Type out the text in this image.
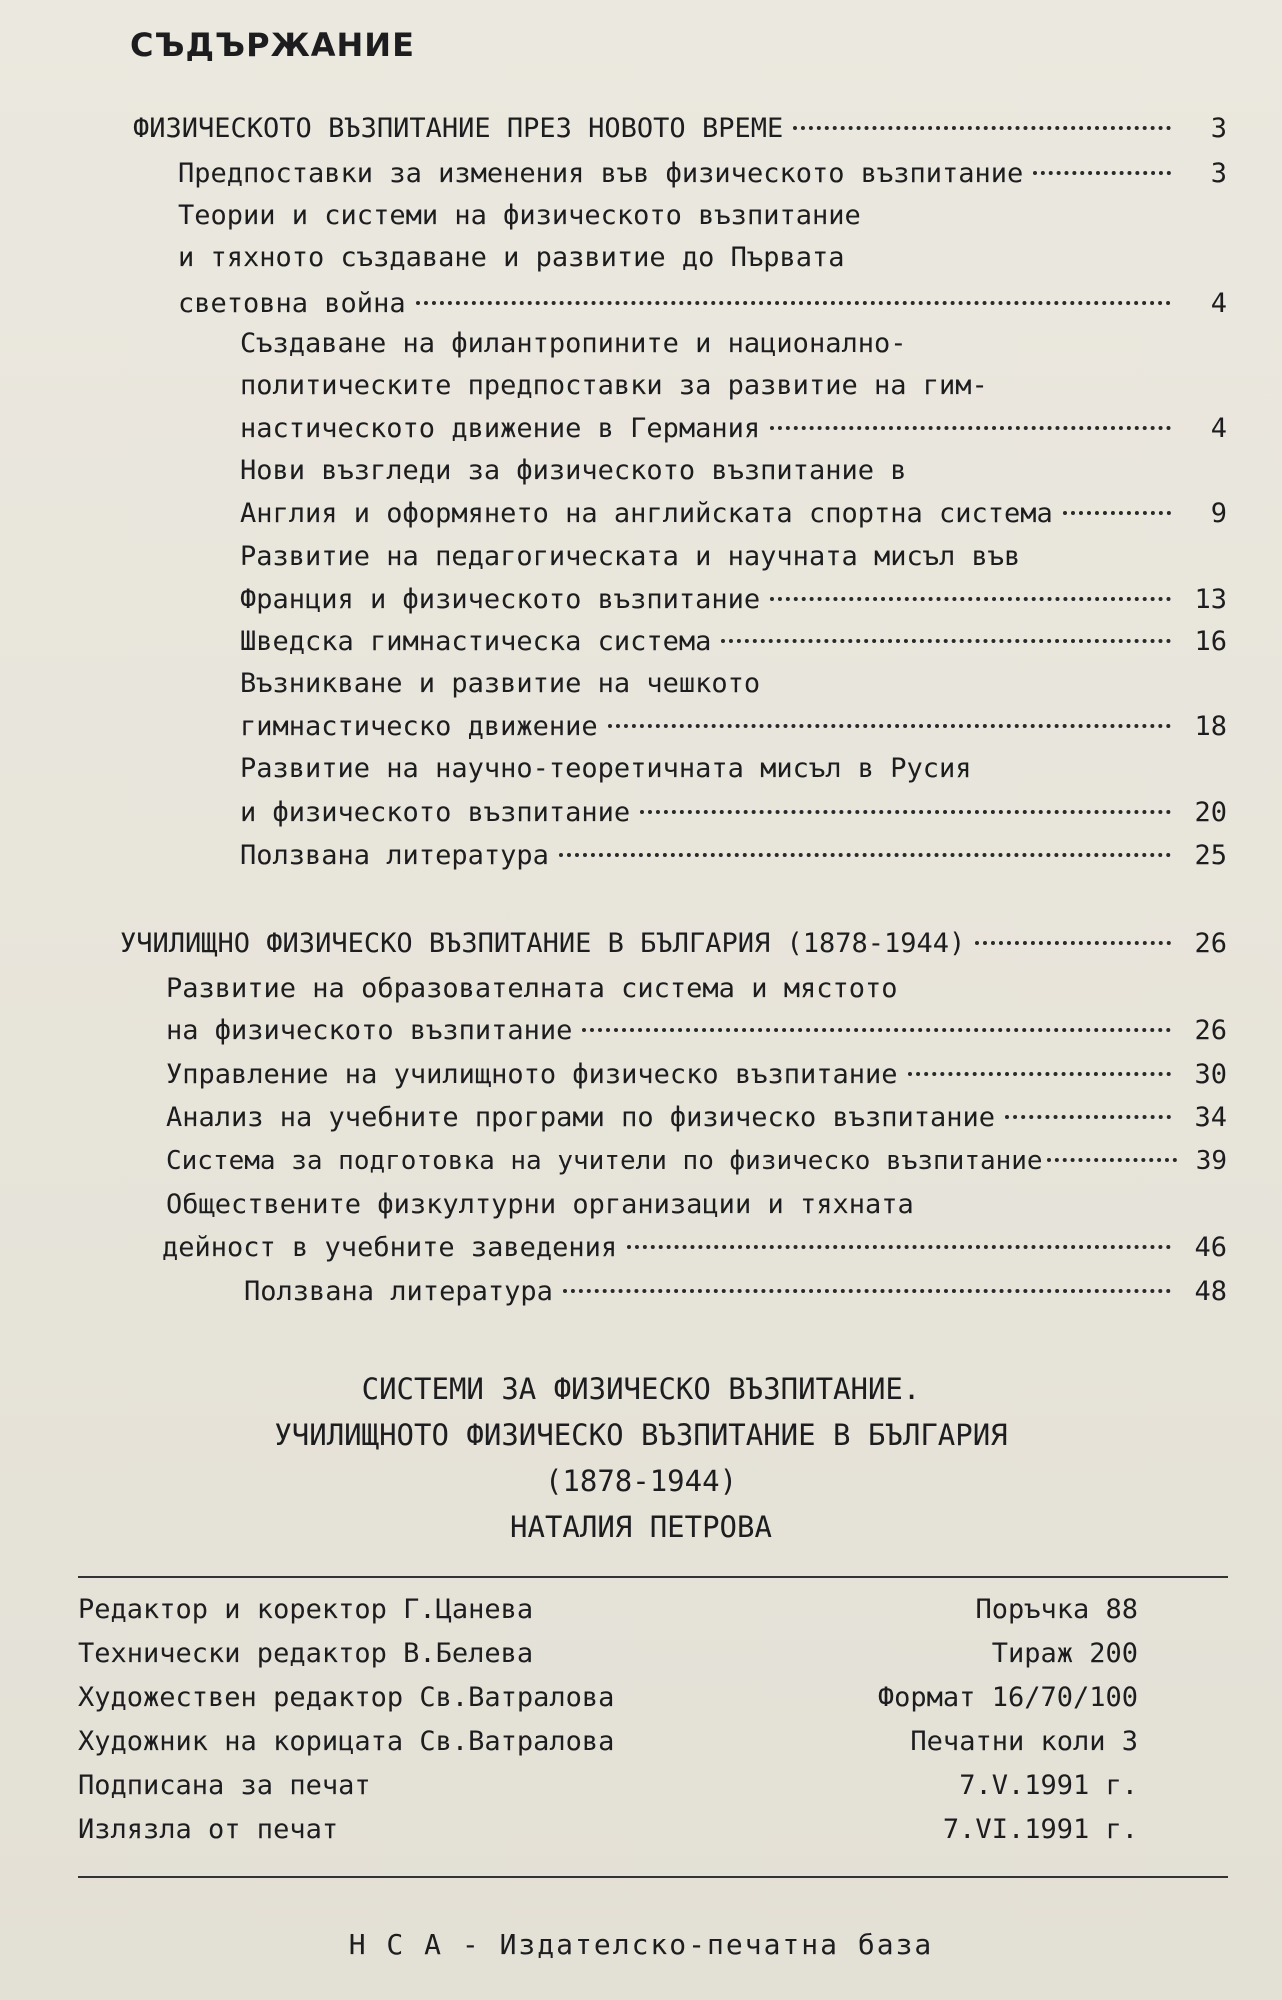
СЪДЪРЖАНИЕ
ФИЗИЧЕСКОТО ВЪЗПИТАНИЕ ПРЕЗ НОВОТО ВРЕМЕ	3
Предпоставки за изменения във физическото възпитание	3
Теории и системи на физическото възпитание
и тяхното създаване и развитие до Първата
световна война	4
Създаване на филантропините и национално-
политическите предпоставки за развитие на гим-
настическото движение в Германия	4
Нови възгледи за физическото възпитание в
Англия и оформянето на английската спортна система	9
Развитие на педагогическата и научната мисъл във
Франция и физическото възпитание	13
Шведска гимнастическа система	16
Възникване и развитие на чешкото
гимнастическо движение	18
Развитие на научно-теоретичната мисъл в Русия
и физическото възпитание	20
Ползвана литература	25
УЧИЛИЩНО ФИЗИЧЕСКО ВЪЗПИТАНИЕ В БЪЛГАРИЯ (1878-1944)	26
Развитие на образователната система и мястото
на физическото възпитание	26
Управление на училищното физическо възпитание	30
Анализ на учебните програми по физическо възпитание	34
Система за подготовка на учители по физическо възпитание	39
Обществените физкултурни организации и тяхната
дейност в учебните заведения	46
Ползвана литература	48
СИСТЕМИ ЗА ФИЗИЧЕСКО ВЪЗПИТАНИЕ.
УЧИЛИЩНОТО ФИЗИЧЕСКО ВЪЗПИТАНИЕ В БЪЛГАРИЯ
(1878-1944)
НАТАЛИЯ ПЕТРОВА
Редактор и коректор Г.Цанева	Поръчка 88
Технически редактор В.Белева	Тираж 200
Художествен редактор Св.Ватралова	Формат 16/70/100
Художник на корицата Св.Ватралова	Печатни коли 3
Подписана за печат	7.V.1991 г.
Излязла от печат	7.VI.1991 г.
Н С А - Издателско-печатна база
